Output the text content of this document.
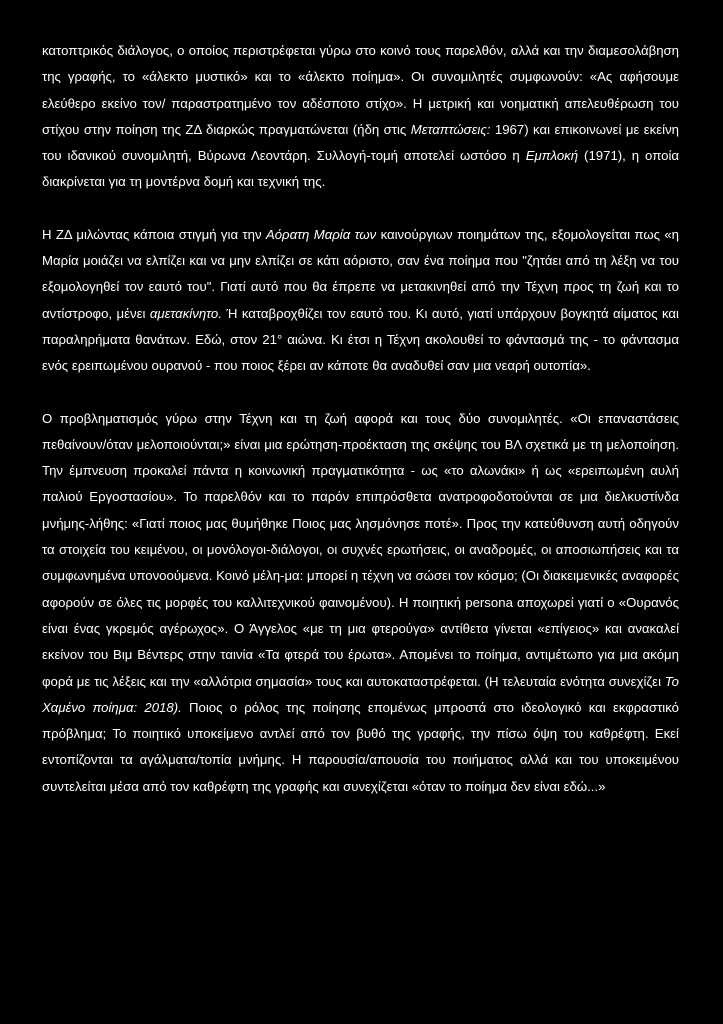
κατοπτρικός διάλογος, ο οποίος περιστρέφεται γύρω στο κοινό τους παρελθόν, αλλά και την διαμεσολάβηση της γραφής, το «άλεκτο μυστικό» και το «άλεκτο ποίημα». Οι συνομιλητές συμφωνούν: «Ας αφήσουμε ελεύθερο εκείνο τον/ παραστρατημένο τον αδέσποτο στίχο». Η μετρική και νοηματική απελευθέρωση του στίχου στην ποίηση της ΖΔ διαρκώς πραγματώνεται (ήδη στις Μεταπτώσεις: 1967) και επικοινωνεί με εκείνη του ιδανικού συνομιλητή, Βύρωνα Λεοντάρη. Συλλογή-τομή αποτελεί ωστόσο η Εμπλοκή (1971), η οποία διακρίνεται για τη μοντέρνα δομή και τεχνική της.

Η ΖΔ μιλώντας κάποια στιγμή για την Αόρατη Μαρία των καινούργιων ποιημάτων της, εξομολογείται πως «η Μαρία μοιάζει να ελπίζει και να μην ελπίζει σε κάτι αόριστο, σαν ένα ποίημα που "ζητάει από τη λέξη να του εξομολογηθεί τον εαυτό του". Γιατί αυτό που θα έπρεπε να μετακινηθεί από την Τέχνη προς τη ζωή και το αντίστροφο, μένει αμετακίνητο. Ή καταβροχθίζει τον εαυτό του. Κι αυτό, γιατί υπάρχουν βογκητά αίματος και παραληρήματα θανάτων. Εδώ, στον 21° αιώνα. Κι έτσι η Τέχνη ακολουθεί το φάντασμά της - το φάντασμα ενός ερειπωμένου ουρανού - που ποιος ξέρει αν κάποτε θα αναδυθεί σαν μια νεαρή ουτοπία».

Ο προβληματισμός γύρω στην Τέχνη και τη ζωή αφορά και τους δύο συνομιλητές. «Οι επαναστάσεις πεθαίνουν/όταν μελοποιούνται;» είναι μια ερώτηση-προέκταση της σκέψης του ΒΛ σχετικά με τη μελοποίηση. Την έμπνευση προκαλεί πάντα η κοινωνική πραγματικότητα - ως «το αλωνάκι» ή ως «ερειπωμένη αυλή παλιού Εργοστασίου». Το παρελθόν και το παρόν επιπρόσθετα ανατροφοδοτούνται σε μια διελκυστίνδα μνήμης-λήθης: «Γιατί ποιος μας θυμήθηκε Ποιος μας λησμόνησε ποτέ». Προς την κατεύθυνση αυτή οδηγούν τα στοιχεία του κειμένου, οι μονόλογοι-διάλογοι, οι συχνές ερωτήσεις, οι αναδρομές, οι αποσιωπήσεις και τα συμφωνημένα υπονοούμενα. Κοινό μέλη-μα: μπορεί η τέχνη να σώσει τον κόσμο; (Οι διακειμενικές αναφορές αφορούν σε όλες τις μορφές του καλλιτεχνικού φαινομένου). Η ποιητική persona αποχωρεί γιατί ο «Ουρανός είναι ένας γκρεμός αγέρωχος». Ο Άγγελος «με τη μια φτερούγα» αντίθετα γίνεται «επίγειος» και ανακαλεί εκείνον του Βιμ Βέντερς στην ταινία «Τα φτερά του έρωτα». Απομένει το ποίημα, αντιμέτωπο για μια ακόμη φορά με τις λέξεις και την «αλλότρια σημασία» τους και αυτοκαταστρέφεται. (Η τελευταία ενότητα συνεχίζει Το Χαμένο ποίημα: 2018). Ποιος ο ρόλος της ποίησης επομένως μπροστά στο ιδεολογικό και εκφραστικό πρόβλημα; Το ποιητικό υποκείμενο αντλεί από τον βυθό της γραφής, την πίσω όψη του καθρέφτη. Εκεί εντοπίζονται τα αγάλματα/τοπία μνήμης. Η παρουσία/απουσία του ποιήματος αλλά και του υποκειμένου συντελείται μέσα από τον καθρέφτη της γραφής και συνεχίζεται «όταν το ποίημα δεν είναι εδώ...»
